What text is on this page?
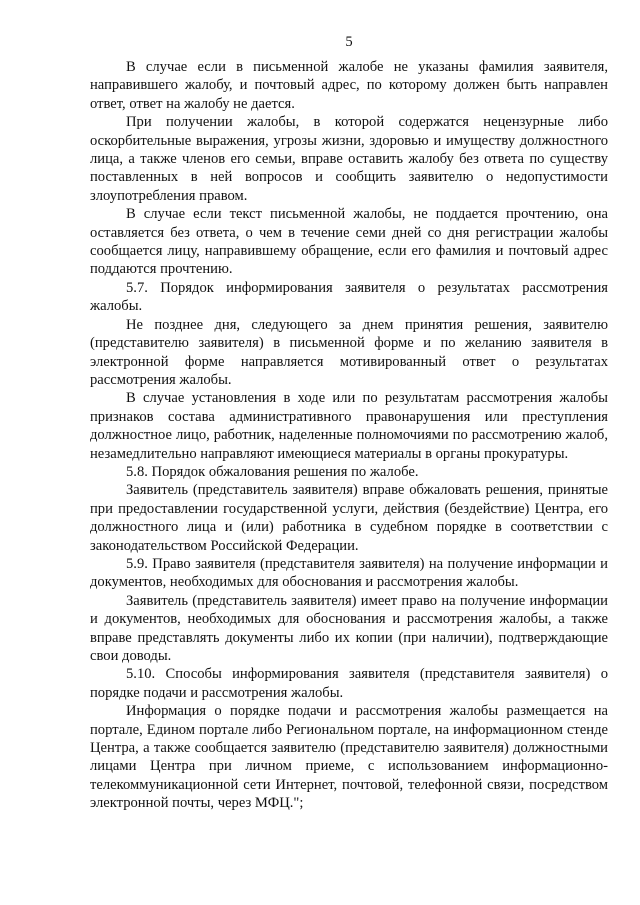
5

В случае если в письменной жалобе не указаны фамилия заявителя, направившего жалобу, и почтовый адрес, по которому должен быть направлен ответ, ответ на жалобу не дается.

При получении жалобы, в которой содержатся нецензурные либо оскорбительные выражения, угрозы жизни, здоровью и имуществу должностного лица, а также членов его семьи, вправе оставить жалобу без ответа по существу поставленных в ней вопросов и сообщить заявителю о недопустимости злоупотребления правом.

В случае если текст письменной жалобы, не поддается прочтению, она оставляется без ответа, о чем в течение семи дней со дня регистрации жалобы сообщается лицу, направившему обращение, если его фамилия и почтовый адрес поддаются прочтению.

5.7. Порядок информирования заявителя о результатах рассмотрения жалобы.

Не позднее дня, следующего за днем принятия решения, заявителю (представителю заявителя) в письменной форме и по желанию заявителя в электронной форме направляется мотивированный ответ о результатах рассмотрения жалобы.

В случае установления в ходе или по результатам рассмотрения жалобы признаков состава административного правонарушения или преступления должностное лицо, работник, наделенные полномочиями по рассмотрению жалоб, незамедлительно направляют имеющиеся материалы в органы прокуратуры.

5.8. Порядок обжалования решения по жалобе.

Заявитель (представитель заявителя) вправе обжаловать решения, принятые при предоставлении государственной услуги, действия (бездействие) Центра, его должностного лица и (или) работника в судебном порядке в соответствии с законодательством Российской Федерации.

5.9. Право заявителя (представителя заявителя) на получение информации и документов, необходимых для обоснования и рассмотрения жалобы.

Заявитель (представитель заявителя) имеет право на получение информации и документов, необходимых для обоснования и рассмотрения жалобы, а также вправе представлять документы либо их копии (при наличии), подтверждающие свои доводы.

5.10. Способы информирования заявителя (представителя заявителя) о порядке подачи и рассмотрения жалобы.

Информация о порядке подачи и рассмотрения жалобы размещается на портале, Едином портале либо Региональном портале, на информационном стенде Центра, а также сообщается заявителю (представителю заявителя) должностными лицами Центра при личном приеме, с использованием информационно-телекоммуникационной сети Интернет, почтовой, телефонной связи, посредством электронной почты, через МФЦ.";
